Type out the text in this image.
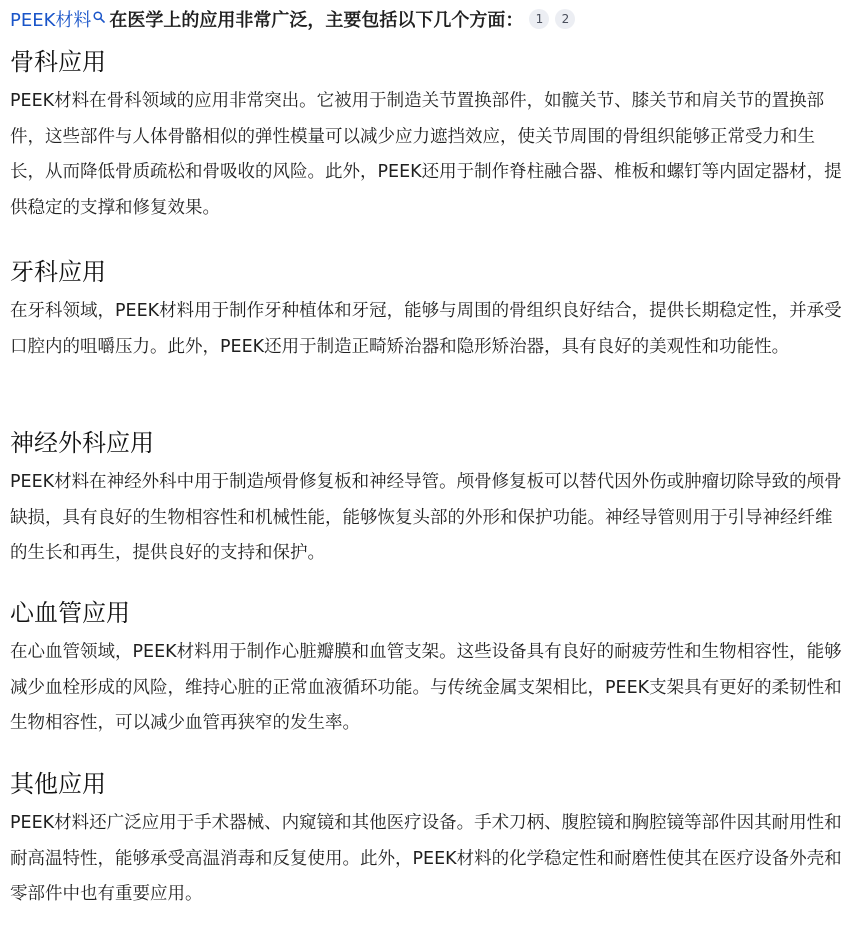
PEEK材料 在医学上的应用非常广泛，主要包括以下几个方面：	1	2
骨科应用

PEEK材料在骨科领域的应用非常突出。它被用于制造关节置换部件，如髋关节、膝关节和肩关节的置换部件，这些部件与人体骨骼相似的弹性模量可以减少应力遮挡效应，使关节周围的骨组织能够正常受力和生长，从而降低骨质疏松和骨吸收的风险。此外，PEEK还用于制作脊柱融合器、椎板和螺钉等内固定器材，提供稳定的支撑和修复效果。

牙科应用

在牙科领域，PEEK材料用于制作牙种植体和牙冠，能够与周围的骨组织良好结合，提供长期稳定性，并承受口腔内的咀嚼压力。此外，PEEK还用于制造正畸矫治器和隐形矫治器，具有良好的美观性和功能性。

神经外科应用

PEEK材料在神经外科中用于制造颅骨修复板和神经导管。颅骨修复板可以替代因外伤或肿瘤切除导致的颅骨缺损，具有良好的生物相容性和机械性能，能够恢复头部的外形和保护功能。神经导管则用于引导神经纤维的生长和再生，提供良好的支持和保护。

心血管应用

在心血管领域，PEEK材料用于制作心脏瓣膜和血管支架。这些设备具有良好的耐疲劳性和生物相容性，能够减少血栓形成的风险，维持心脏的正常血液循环功能。与传统金属支架相比，PEEK支架具有更好的柔韧性和生物相容性，可以减少血管再狭窄的发生率。

其他应用

PEEK材料还广泛应用于手术器械、内窥镜和其他医疗设备。手术刀柄、腹腔镜和胸腔镜等部件因其耐用性和耐高温特性，能够承受高温消毒和反复使用。此外，PEEK材料的化学稳定性和耐磨性使其在医疗设备外壳和零部件中也有重要应用。
